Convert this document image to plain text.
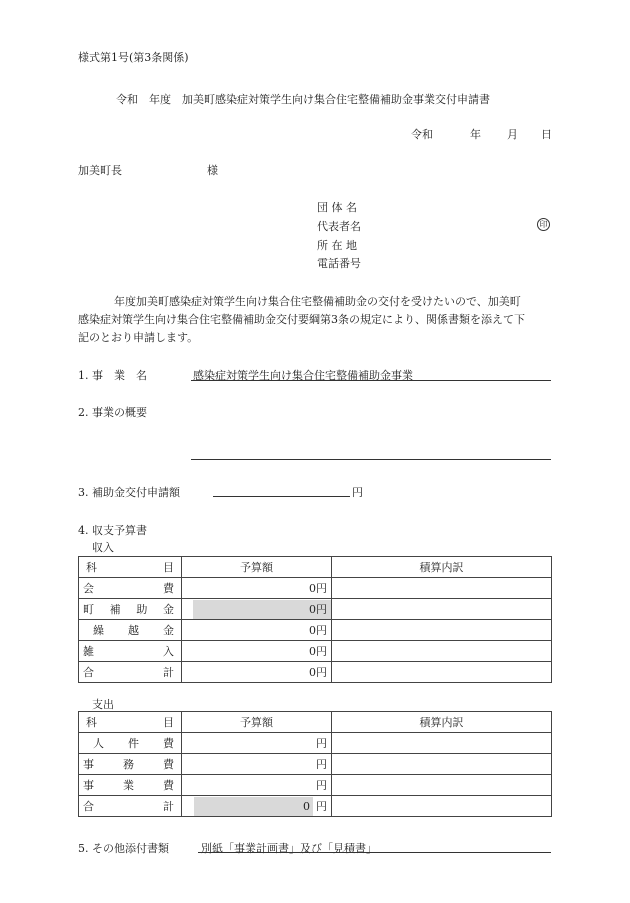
様式第1号(第3条関係)
令和　年度　加美町感染症対策学生向け集合住宅整備補助金事業交付申請書
令和	年 月 日
加美町長	様
団 体 名
代表者名	印
所 在 地
電話番号
年度加美町感染症対策学生向け集合住宅整備補助金の交付を受けたいので、加美町
感染症対策学生向け集合住宅整備補助金交付要綱第3条の規定により、関係書類を添えて下
記のとおり申請します。
1. 事　業　名	感染症対策学生向け集合住宅整備補助金事業
2. 事業の概要
3. 補助金交付申請額	円
4. 収支予算書
収入
科 目	予算額	積算内訳

会 費	0円	

町 補 助 金	0円	

繰 越 金	0円	

雑 入	0円	

合 計	0円	
支出
科 目	予算額	積算内訳

人 件 費	円	

事 務 費	円	

事 業 費	円	

合 計	0 円	

5. その他添付書類	別紙「事業計画書」及び「見積書」
